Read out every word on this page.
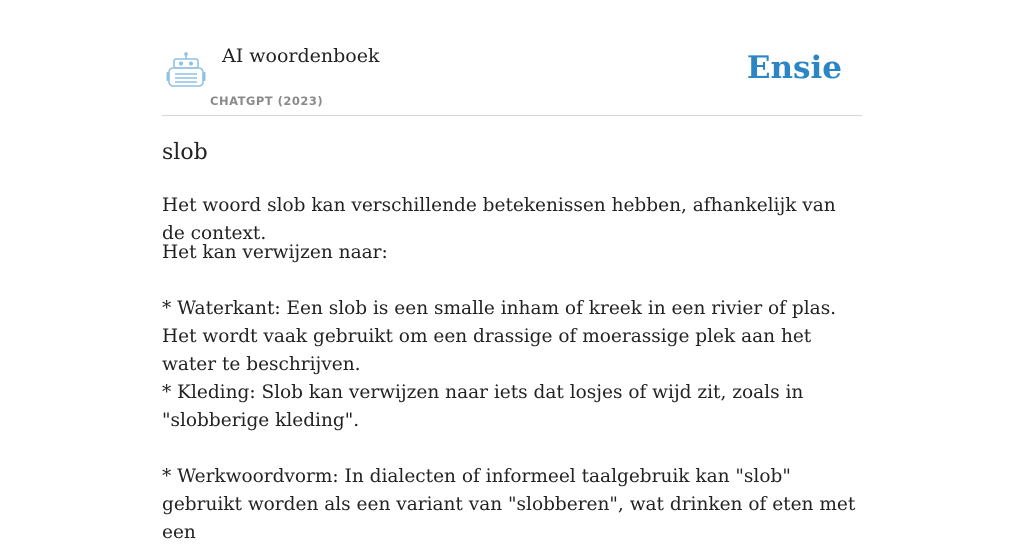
AI woordenboek
CHATGPT (2023)
Ensie
slob

Het woord slob kan verschillende betekenissen hebben, afhankelijk van de context.

Het kan verwijzen naar:

* Waterkant: Een slob is een smalle inham of kreek in een rivier of plas. Het wordt vaak gebruikt om een drassige of moerassige plek aan het water te beschrijven.

* Kleding: Slob kan verwijzen naar iets dat losjes of wijd zit, zoals in "slobberige kleding".

* Werkwoordvorm: In dialecten of informeel taalgebruik kan "slob" gebruikt worden als een variant van "slobberen", wat drinken of eten met een
